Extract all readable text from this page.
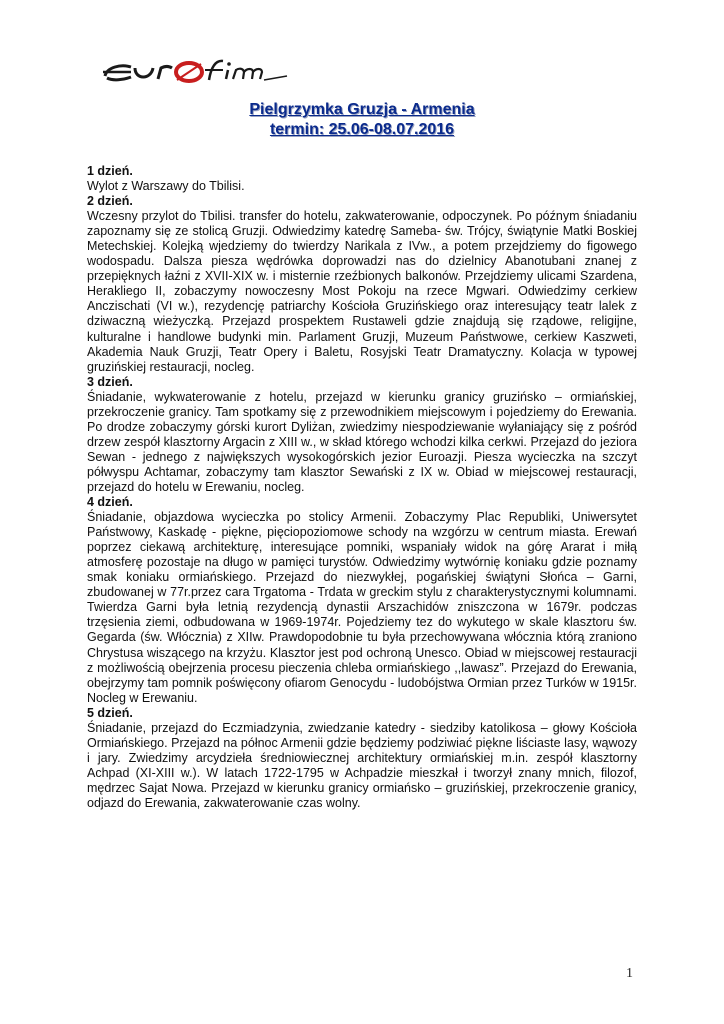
Pielgrzymka Gruzja - Armenia
termin: 25.06-08.07.2016
1 dzień.
Wylot z Warszawy do Tbilisi.
2 dzień.
Wczesny przylot do Tbilisi. transfer do hotelu, zakwaterowanie, odpoczynek. Po późnym śniadaniu zapoznamy się ze stolicą Gruzji. Odwiedzimy katedrę Sameba- św. Trójcy, świątynie Matki Boskiej Metechskiej. Kolejką wjedziemy do twierdzy Narikala z IVw., a potem przejdziemy do figowego wodospadu. Dalsza piesza wędrówka doprowadzi nas do dzielnicy Abanotubani znanej z przepięknych łaźni z XVII-XIX w. i misternie rzeźbionych balkonów. Przejdziemy ulicami Szardena, Herakliego II, zobaczymy nowoczesny Most Pokoju na rzece Mgwari. Odwiedzimy cerkiew Anczischati (VI w.), rezydencję patriarchy Kościoła Gruzińskiego oraz interesujący teatr lalek z dziwaczną wieżyczką. Przejazd prospektem Rustaweli gdzie znajdują się rządowe, religijne, kulturalne i handlowe budynki min. Parlament Gruzji, Muzeum Państwowe, cerkiew Kaszweti, Akademia Nauk Gruzji, Teatr Opery i Baletu, Rosyjski Teatr Dramatyczny. Kolacja w typowej gruzińskiej restauracji, nocleg.
3 dzień.
Śniadanie, wykwaterowanie z hotelu, przejazd w kierunku granicy gruzińsko – ormiańskiej, przekroczenie granicy. Tam spotkamy się z przewodnikiem miejscowym i pojedziemy do Erewania. Po drodze zobaczymy górski kurort Dyliżan, zwiedzimy niespodziewanie wyłaniający się z pośród drzew zespół klasztorny Argacin z XIII w., w skład którego wchodzi kilka cerkwi. Przejazd do jeziora Sewan - jednego z największych wysokogórskich jezior Euroazji. Piesza wycieczka na szczyt półwyspu Achtamar, zobaczymy tam klasztor Sewański z IX w. Obiad w miejscowej restauracji, przejazd do hotelu w Erewaniu, nocleg.
4 dzień.
Śniadanie, objazdowa wycieczka po stolicy Armenii. Zobaczymy Plac Republiki, Uniwersytet Państwowy, Kaskadę - piękne, pięciopoziomowe schody na wzgórzu w centrum miasta. Erewań poprzez ciekawą architekturę, interesujące pomniki, wspaniały widok na górę Ararat i miłą atmosferę pozostaje na długo w pamięci turystów. Odwiedzimy wytwórnię koniaku gdzie poznamy smak koniaku ormiańskiego. Przejazd do niezwykłej, pogańskiej świątyni Słońca – Garni, zbudowanej w 77r.przez cara Trgatoma - Trdata w greckim stylu z charakterystycznymi kolumnami. Twierdza Garni była letnią rezydencją dynastii Arszachidów zniszczona w 1679r. podczas trzęsienia ziemi, odbudowana w 1969-1974r. Pojedziemy tez do wykutego w skale klasztoru św. Gegarda (św. Włócznia) z XIIw. Prawdopodobnie tu była przechowywana włócznia którą zraniono Chrystusa wiszącego na krzyżu. Klasztor jest pod ochroną Unesco. Obiad w miejscowej restauracji z możliwością obejrzenia procesu pieczenia chleba ormiańskiego ,,lawasz”. Przejazd do Erewania, obejrzymy tam pomnik poświęcony ofiarom Genocydu - ludobójstwa Ormian przez Turków w 1915r. Nocleg w Erewaniu.
5 dzień.
Śniadanie, przejazd do Eczmiadzynia, zwiedzanie katedry - siedziby katolikosa – głowy Kościoła Ormiańskiego. Przejazd na północ Armenii gdzie będziemy podziwiać piękne liściaste lasy, wąwozy i jary. Zwiedzimy arcydzieła średniowiecznej architektury ormiańskiej m.in. zespół klasztorny Achpad (XI-XIII w.). W latach 1722-1795 w Achpadzie mieszkał i tworzył znany mnich, filozof, mędrzec Sajat Nowa. Przejazd w kierunku granicy ormiańsko – gruzińskiej, przekroczenie granicy, odjazd do Erewania, zakwaterowanie czas wolny.
1
